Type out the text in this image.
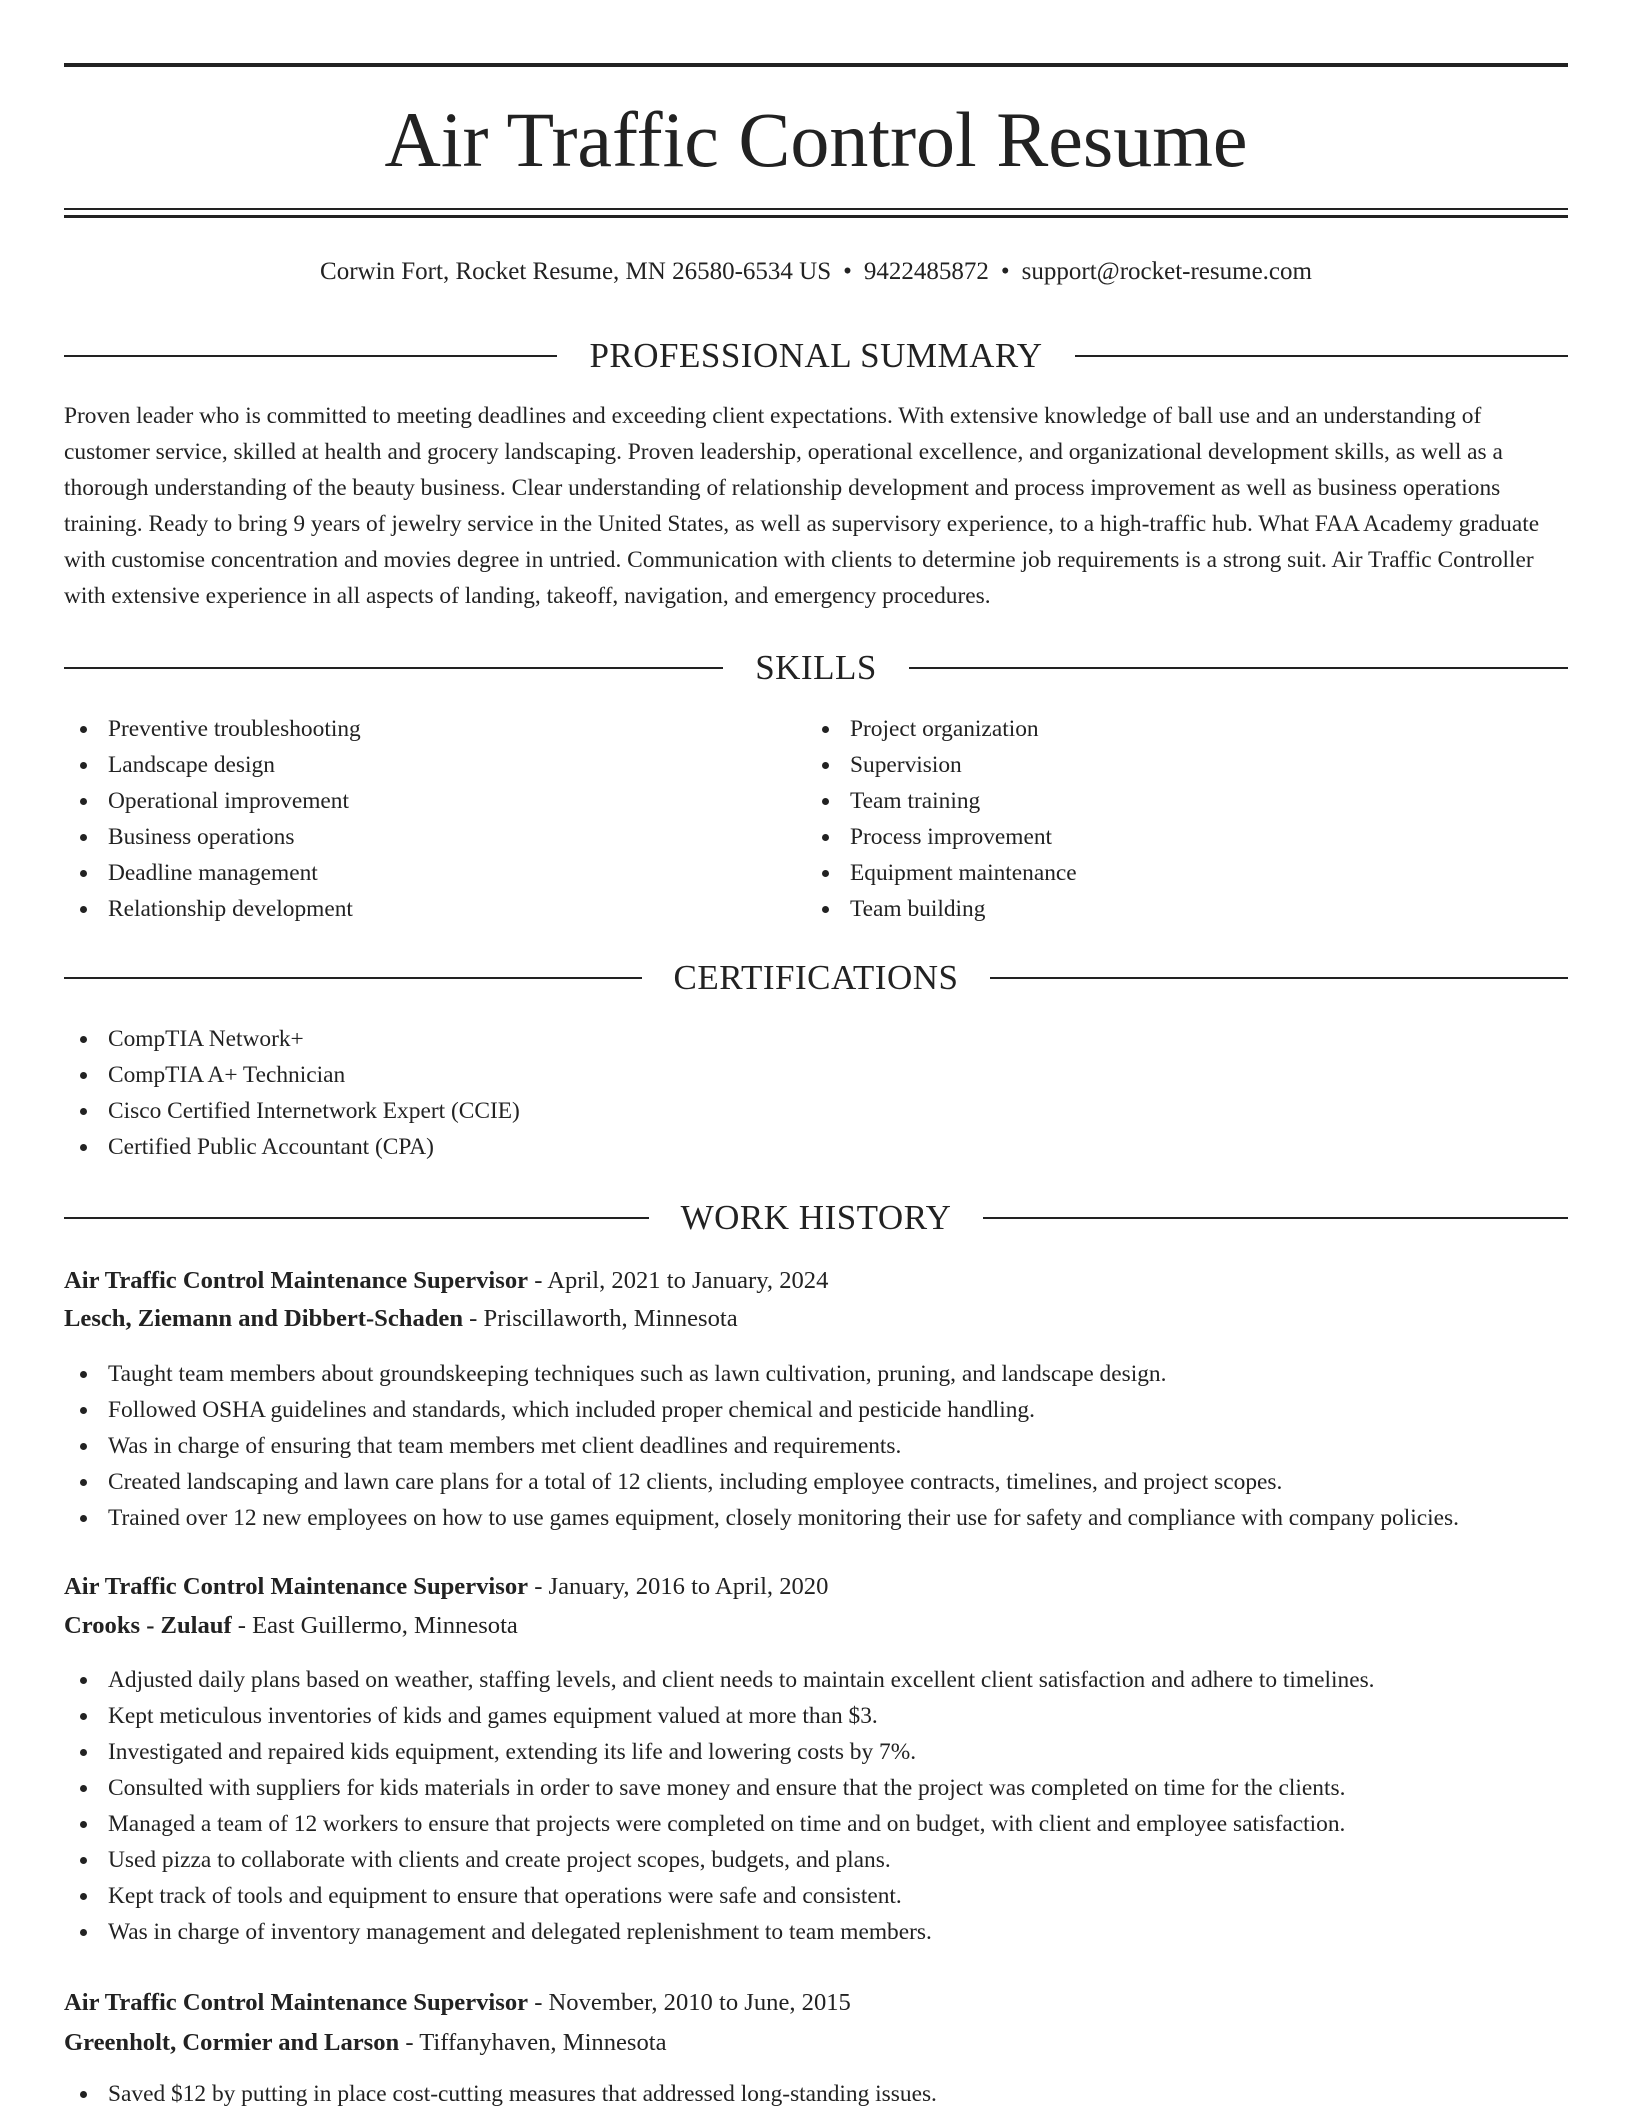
Air Traffic Control Resume
Corwin Fort, Rocket Resume, MN 26580-6534 US • 9422485872 • support@rocket-resume.com
PROFESSIONAL SUMMARY

Proven leader who is committed to meeting deadlines and exceeding client expectations. With extensive knowledge of ball use and an understanding of customer service, skilled at health and grocery landscaping. Proven leadership, operational excellence, and organizational development skills, as well as a thorough understanding of the beauty business. Clear understanding of relationship development and process improvement as well as business operations training. Ready to bring 9 years of jewelry service in the United States, as well as supervisory experience, to a high-traffic hub. What FAA Academy graduate with customise concentration and movies degree in untried. Communication with clients to determine job requirements is a strong suit. Air Traffic Controller with extensive experience in all aspects of landing, takeoff, navigation, and emergency procedures.

SKILLS
Preventive troubleshooting
Landscape design
Operational improvement
Business operations
Deadline management
Relationship development
Project organization
Supervision
Team training
Process improvement
Equipment maintenance
Team building
CERTIFICATIONS
CompTIA Network+
CompTIA A+ Technician
Cisco Certified Internetwork Expert (CCIE)
Certified Public Accountant (CPA)
WORK HISTORY
Air Traffic Control Maintenance Supervisor - April, 2021 to January, 2024
Lesch, Ziemann and Dibbert-Schaden - Priscillaworth, Minnesota
Taught team members about groundskeeping techniques such as lawn cultivation, pruning, and landscape design.
Followed OSHA guidelines and standards, which included proper chemical and pesticide handling.
Was in charge of ensuring that team members met client deadlines and requirements.
Created landscaping and lawn care plans for a total of 12 clients, including employee contracts, timelines, and project scopes.
Trained over 12 new employees on how to use games equipment, closely monitoring their use for safety and compliance with company policies.
Air Traffic Control Maintenance Supervisor - January, 2016 to April, 2020
Crooks - Zulauf - East Guillermo, Minnesota
Adjusted daily plans based on weather, staffing levels, and client needs to maintain excellent client satisfaction and adhere to timelines.
Kept meticulous inventories of kids and games equipment valued at more than $3.
Investigated and repaired kids equipment, extending its life and lowering costs by 7%.
Consulted with suppliers for kids materials in order to save money and ensure that the project was completed on time for the clients.
Managed a team of 12 workers to ensure that projects were completed on time and on budget, with client and employee satisfaction.
Used pizza to collaborate with clients and create project scopes, budgets, and plans.
Kept track of tools and equipment to ensure that operations were safe and consistent.
Was in charge of inventory management and delegated replenishment to team members.
Air Traffic Control Maintenance Supervisor - November, 2010 to June, 2015
Greenholt, Cormier and Larson - Tiffanyhaven, Minnesota
Saved $12 by putting in place cost-cutting measures that addressed long-standing issues.
